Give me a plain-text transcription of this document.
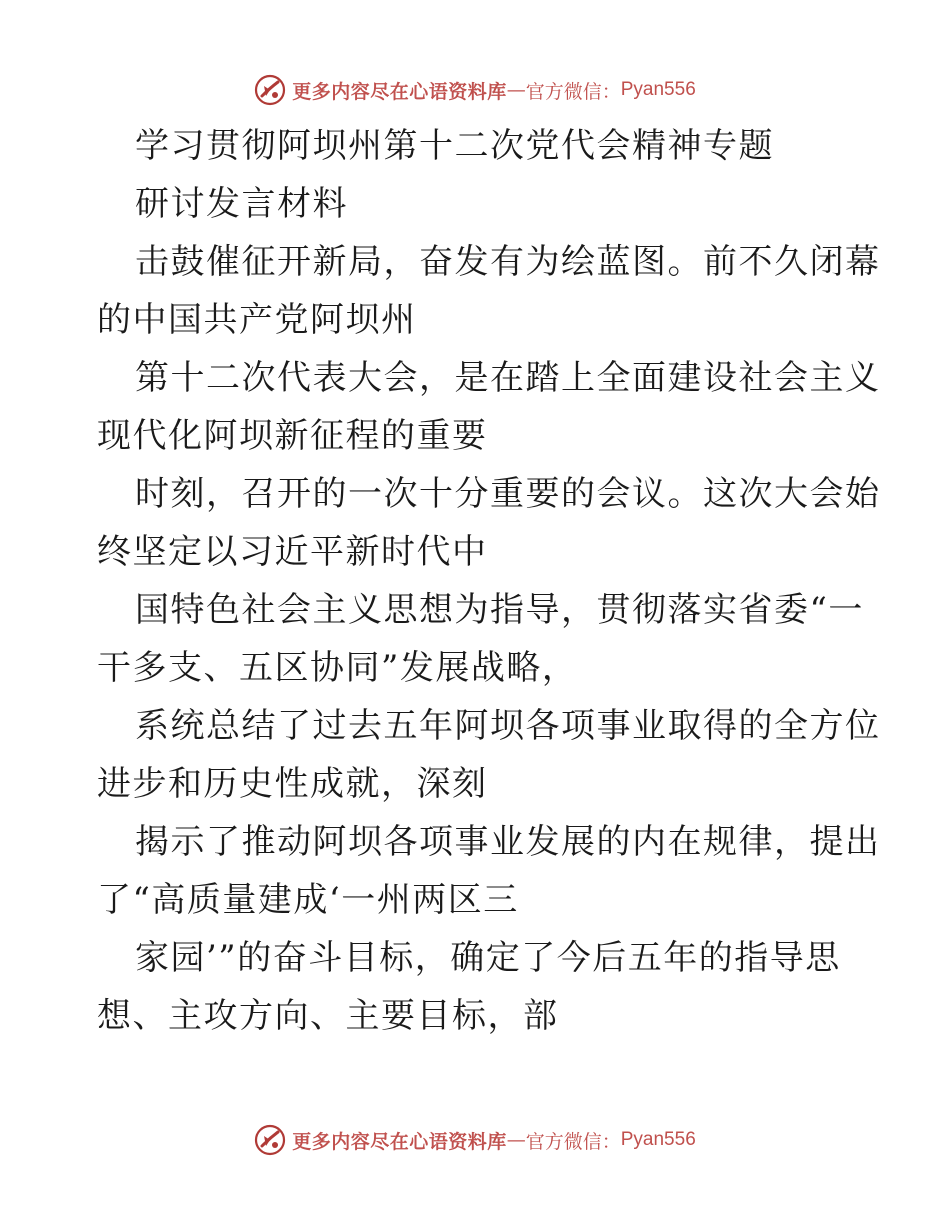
更多内容尽在心语资料库 — 官方微信： Pyan556
学习贯彻阿坝州第十二次党代会精神专题
研讨发言材料
击鼓催征开新局，奋发有为绘蓝图。前不久闭幕
的中国共产党阿坝州
第十二次代表大会，是在踏上全面建设社会主义
现代化阿坝新征程的重要
时刻，召开的一次十分重要的会议。这次大会始
终坚定以习近平新时代中
国特色社会主义思想为指导，贯彻落实省委“一
干多支、五区协同”发展战略，
系统总结了过去五年阿坝各项事业取得的全方位
进步和历史性成就，深刻
揭示了推动阿坝各项事业发展的内在规律，提出
了“高质量建成‘一州两区三
家园’”的奋斗目标，确定了今后五年的指导思
想、主攻方向、主要目标，部
更多内容尽在心语资料库 — 官方微信： Pyan556
